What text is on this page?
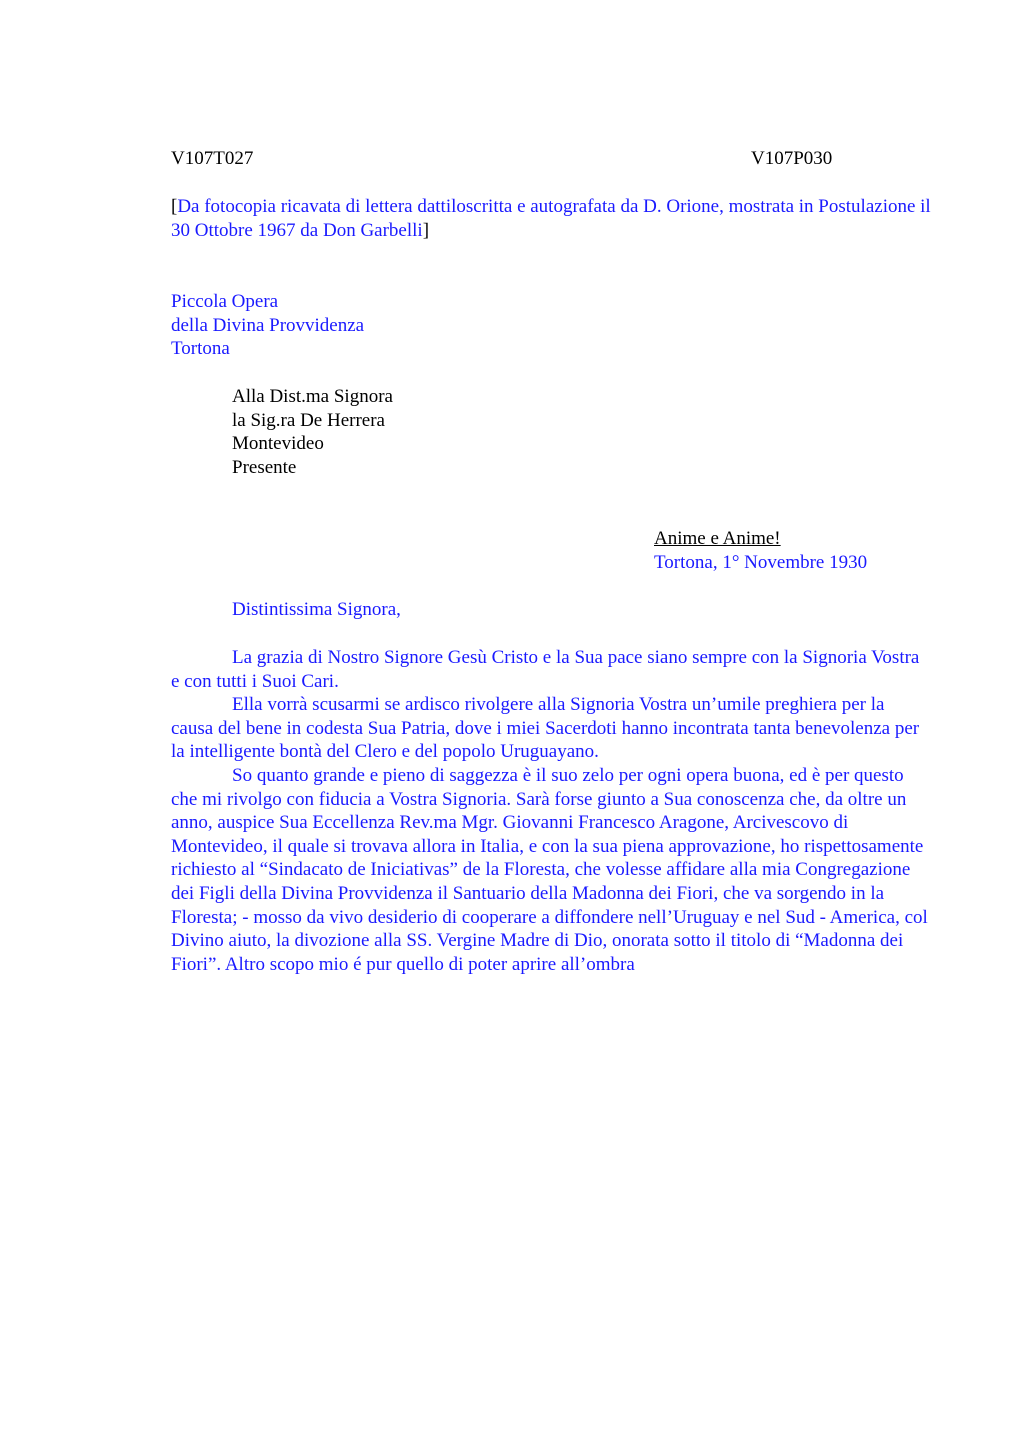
V107T027	V107P030
[Da fotocopia ricavata di lettera dattiloscritta e autografata da D. Orione, mostrata in Postulazione il 30 Ottobre 1967 da Don Garbelli]
Piccola Opera
della Divina Provvidenza
Tortona
Alla Dist.ma Signora
la Sig.ra De Herrera
Montevideo
Presente
Anime e Anime!
Tortona, 1° Novembre 1930
Distintissima Signora,

La grazia di Nostro Signore Gesù Cristo e la Sua pace siano sempre con la Signoria Vostra e con tutti i Suoi Cari.

Ella vorrà scusarmi se ardisco rivolgere alla Signoria Vostra un’umile preghiera per la causa del bene in codesta Sua Patria, dove i miei Sacerdoti hanno incontrata tanta benevolenza per la intelligente bontà del Clero e del popolo Uruguayano.

So quanto grande e pieno di saggezza è il suo zelo per ogni opera buona, ed è per questo che mi rivolgo con fiducia a Vostra Signoria. Sarà forse giunto a Sua conoscenza che, da oltre un anno, auspice Sua Eccellenza Rev.ma Mgr. Giovanni Francesco Aragone, Arcivescovo di Montevideo, il quale si trovava allora in Italia, e con la sua piena approvazione, ho rispettosamente richiesto al “Sindacato de Iniciativas” de la Floresta, che volesse affidare alla mia Congregazione dei Figli della Divina Provvidenza il Santuario della Madonna dei Fiori, che va sorgendo in la Floresta; - mosso da vivo desiderio di cooperare a diffondere nell’Uruguay e nel Sud - America, col Divino aiuto, la divozione alla SS. Vergine Madre di Dio, onorata sotto il titolo di “Madonna dei Fiori”. Altro scopo mio é pur quello di poter aprire all’ombra
